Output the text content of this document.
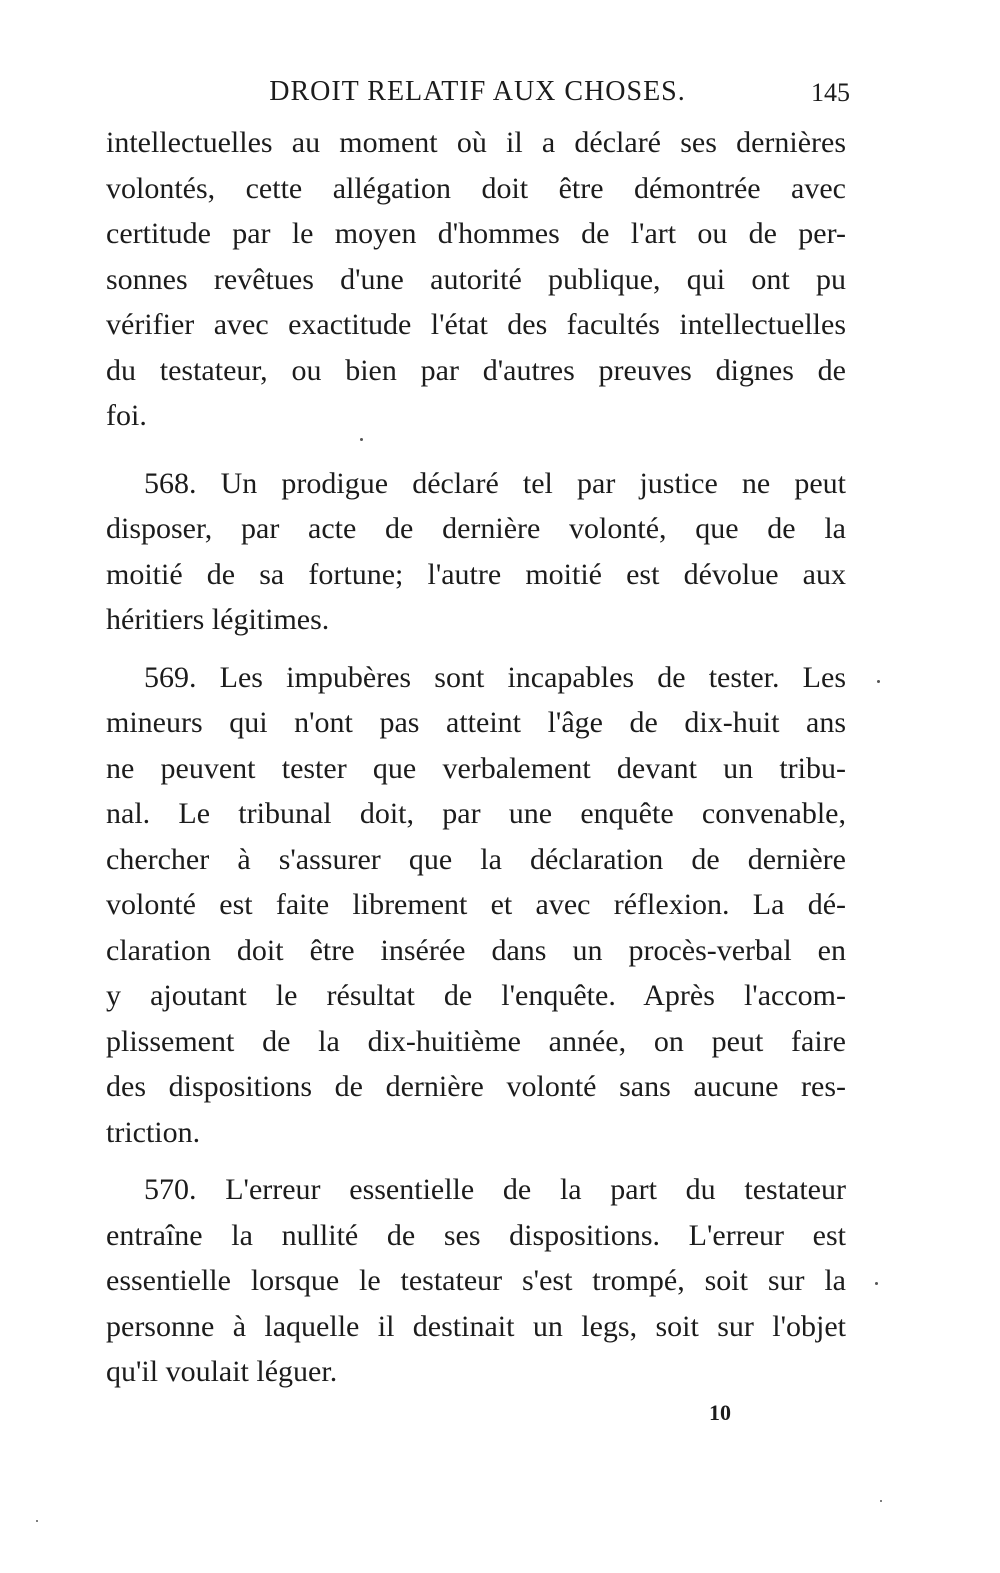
DROIT RELATIF AUX CHOSES.	145
intellectuelles au moment où il a déclaré ses dernières
volontés, cette allégation doit être démontrée avec
certitude par le moyen d'hommes de l'art ou de per-
sonnes revêtues d'une autorité publique, qui ont pu
vérifier avec exactitude l'état des facultés intellectuelles
du testateur, ou bien par d'autres preuves dignes de
foi.
568. Un prodigue déclaré tel par justice ne peut
disposer, par acte de dernière volonté, que de la
moitié de sa fortune; l'autre moitié est dévolue aux
héritiers légitimes.
569. Les impubères sont incapables de tester. Les
mineurs qui n'ont pas atteint l'âge de dix-huit ans
ne peuvent tester que verbalement devant un tribu-
nal. Le tribunal doit, par une enquête convenable,
chercher à s'assurer que la déclaration de dernière
volonté est faite librement et avec réflexion. La dé-
claration doit être insérée dans un procès-verbal en
y ajoutant le résultat de l'enquête. Après l'accom-
plissement de la dix-huitième année, on peut faire
des dispositions de dernière volonté sans aucune res-
triction.
570. L'erreur essentielle de la part du testateur
entraîne la nullité de ses dispositions. L'erreur est
essentielle lorsque le testateur s'est trompé, soit sur la
personne à laquelle il destinait un legs, soit sur l'objet
qu'il voulait léguer.
10
